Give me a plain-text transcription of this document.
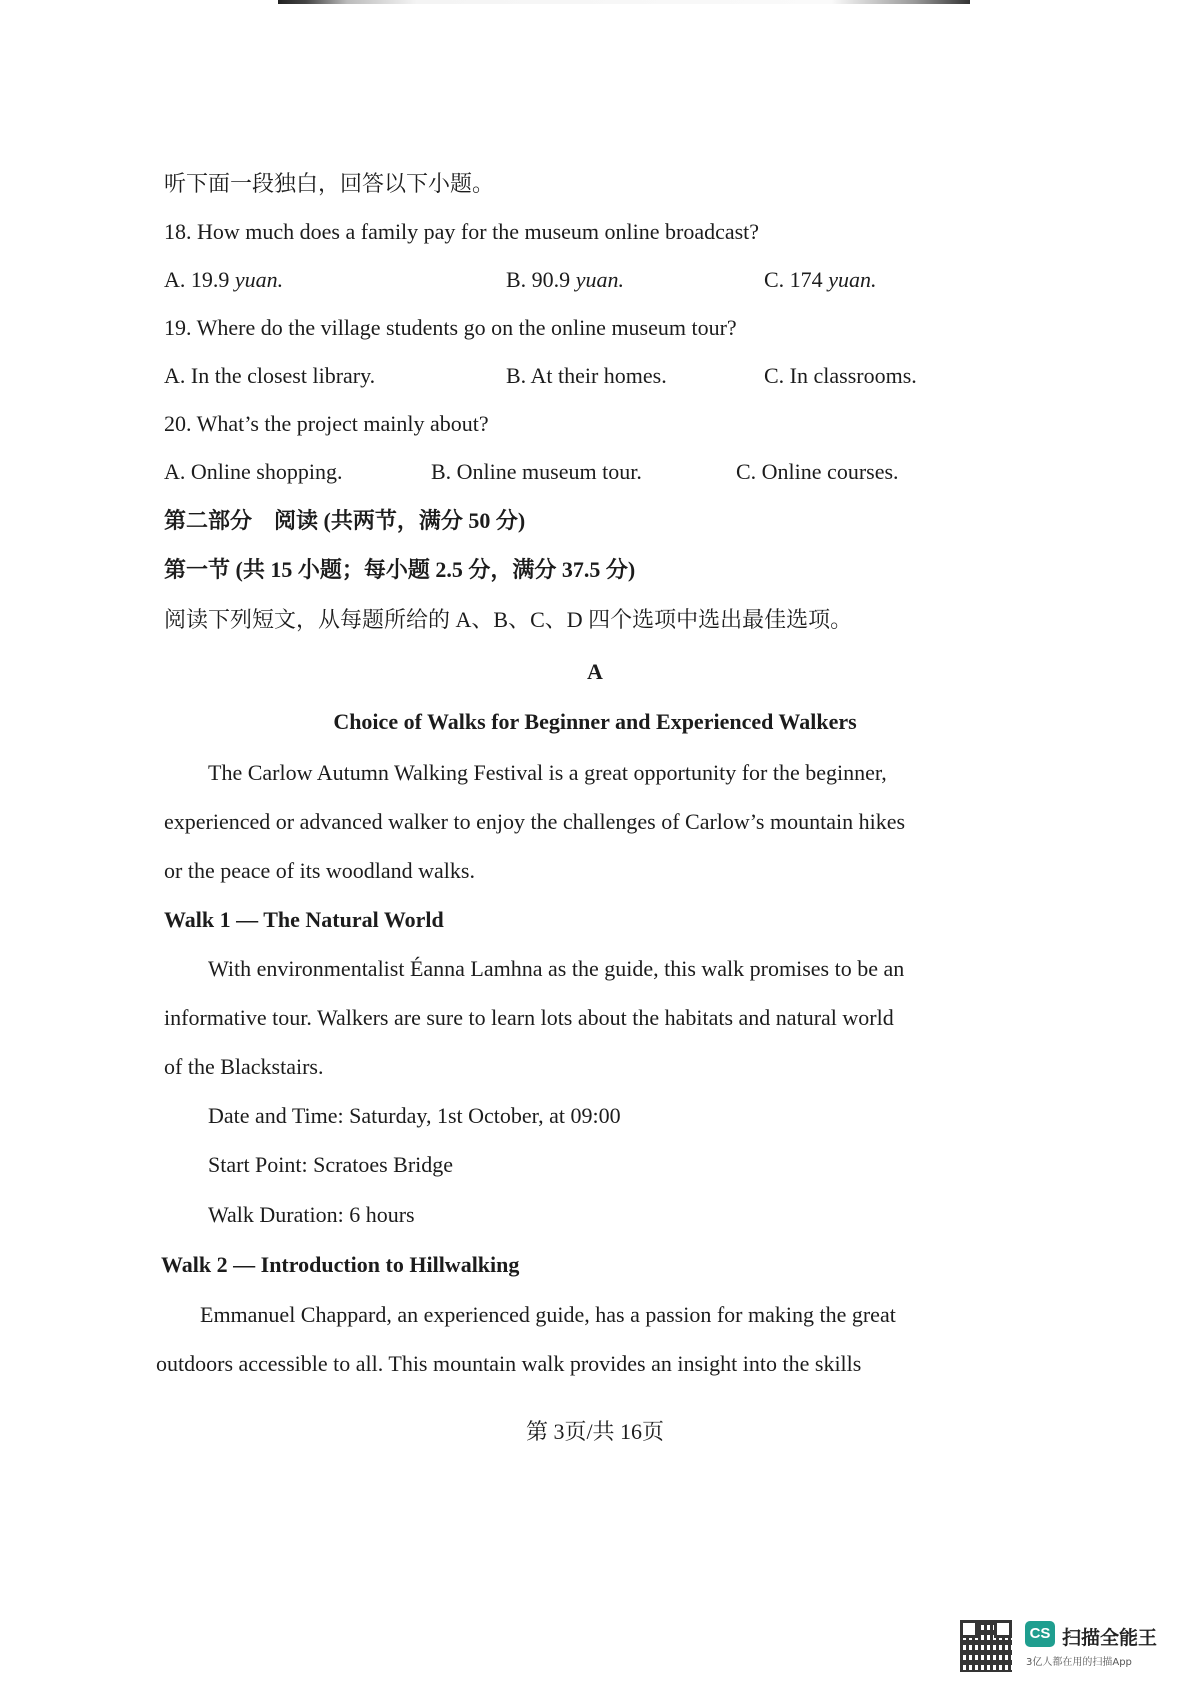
听下面一段独白，回答以下小题。
18. How much does a family pay for the museum online broadcast?
A. 19.9 yuan.	B. 90.9 yuan.	C. 174 yuan.
19. Where do the village students go on the online museum tour?
A. In the closest library.	B. At their homes.	C. In classrooms.
20. What’s the project mainly about?
A. Online shopping.	B. Online museum tour.	C. Online courses.
第二部分　阅读 (共两节，满分 50 分)
第一节 (共 15 小题；每小题 2.5 分，满分 37.5 分)
阅读下列短文，从每题所给的 A、B、C、D 四个选项中选出最佳选项。
A
Choice of Walks for Beginner and Experienced Walkers
The Carlow Autumn Walking Festival is a great opportunity for the beginner,
experienced or advanced walker to enjoy the challenges of Carlow’s mountain hikes
or the peace of its woodland walks.
Walk 1 — The Natural World
With environmentalist Éanna Lamhna as the guide, this walk promises to be an
informative tour. Walkers are sure to learn lots about the habitats and natural world
of the Blackstairs.
Date and Time: Saturday, 1st October, at 09:00
Start Point: Scratoes Bridge
Walk Duration: 6 hours
Walk 2 — Introduction to Hillwalking
Emmanuel Chappard, an experienced guide, has a passion for making the great
outdoors accessible to all. This mountain walk provides an insight into the skills
第 3页/共 16页
CS 扫描全能王
3亿人都在用的扫描App
